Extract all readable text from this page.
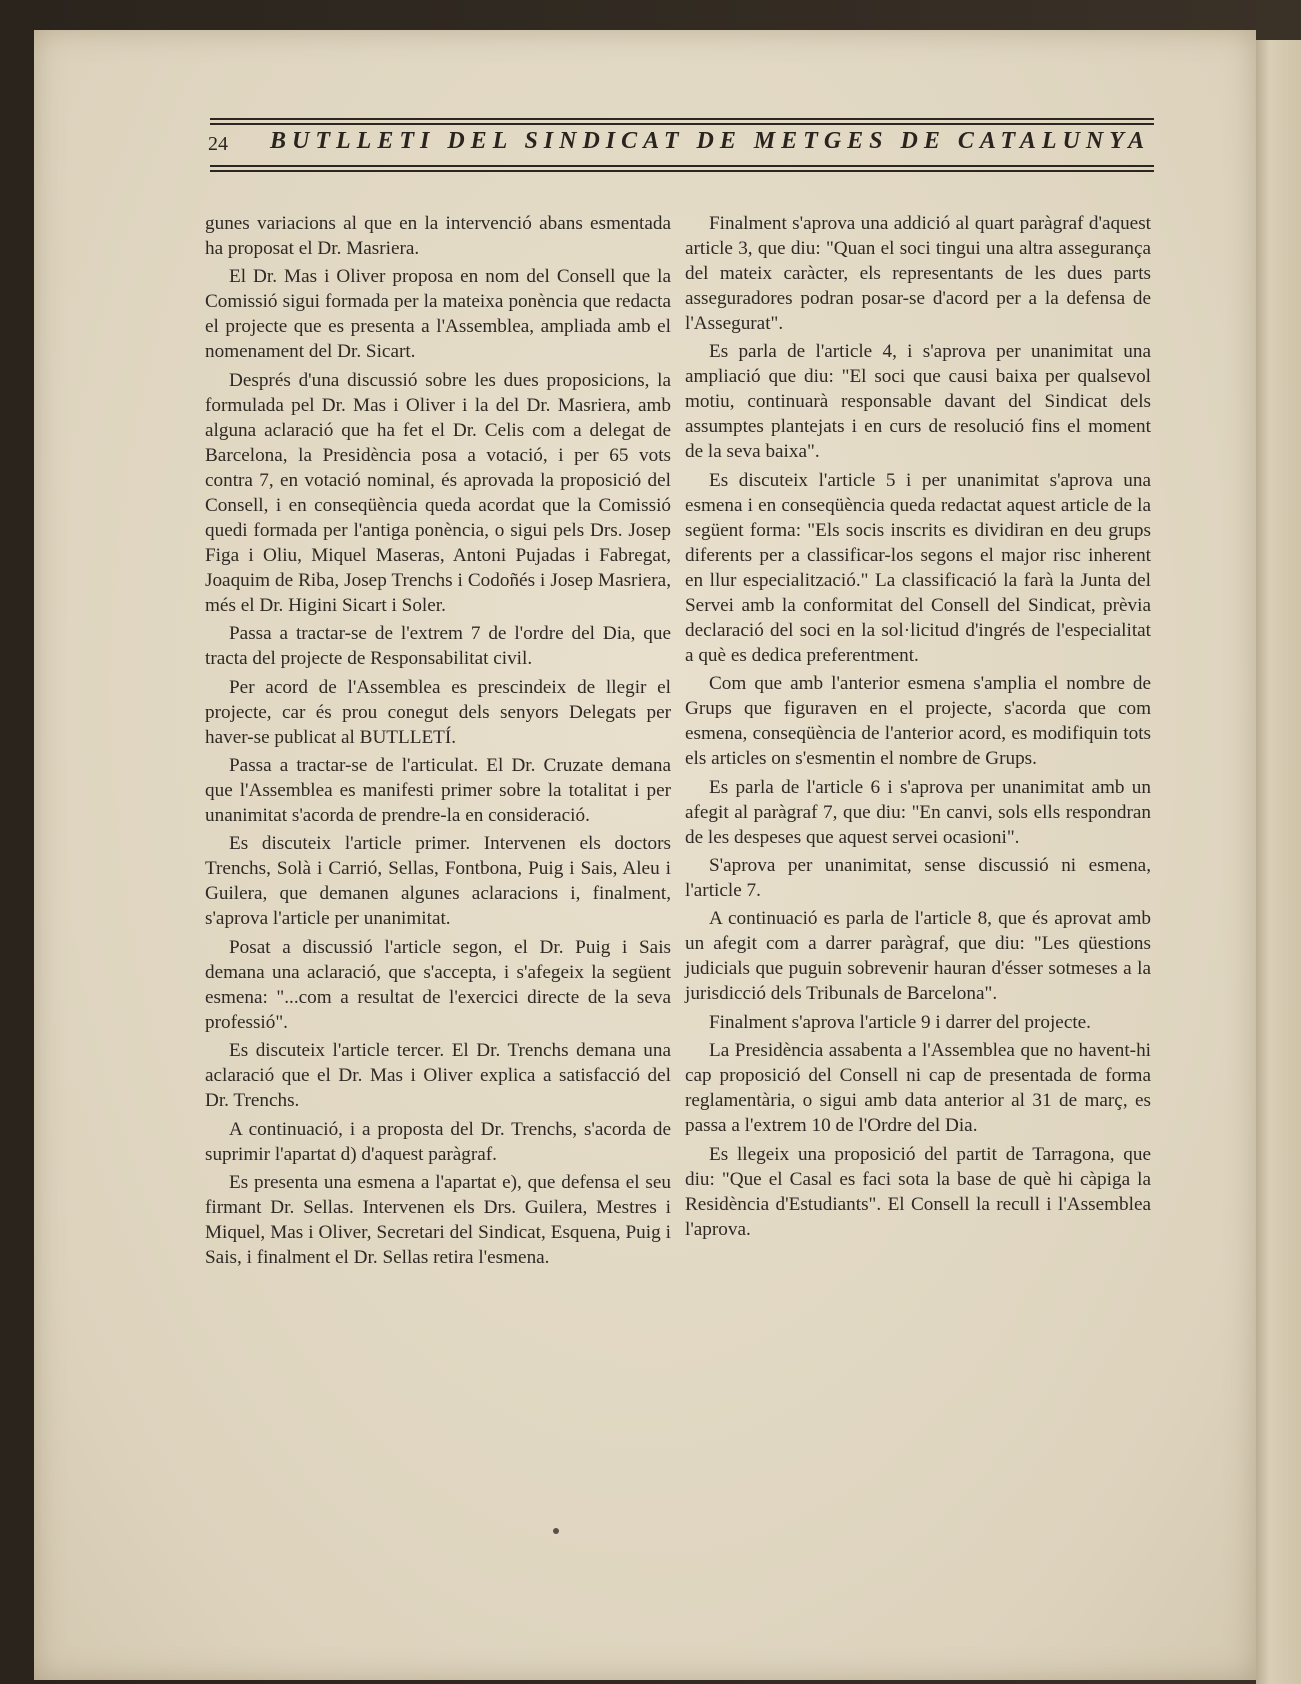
24 BUTLLETI DEL SINDICAT DE METGES DE CATALUNYA

gunes variacions al que en la intervenció abans esmentada ha proposat el Dr. Masriera.

El Dr. Mas i Oliver proposa en nom del Consell que la Comissió sigui formada per la mateixa ponència que redacta el projecte que es presenta a l'Assemblea, ampliada amb el nomenament del Dr. Sicart.

Després d'una discussió sobre les dues proposicions, la formulada pel Dr. Mas i Oliver i la del Dr. Masriera, amb alguna aclaració que ha fet el Dr. Celis com a delegat de Barcelona, la Presidència posa a votació, i per 65 vots contra 7, en votació nominal, és aprovada la proposició del Consell, i en conseqüència queda acordat que la Comissió quedi formada per l'antiga ponència, o sigui pels Drs. Josep Figa i Oliu, Miquel Maseras, Antoni Pujadas i Fabregat, Joaquim de Riba, Josep Trenchs i Codoñés i Josep Masriera, més el Dr. Higini Sicart i Soler.

Passa a tractar-se de l'extrem 7 de l'ordre del Dia, que tracta del projecte de Responsabilitat civil.

Per acord de l'Assemblea es prescindeix de llegir el projecte, car és prou conegut dels senyors Delegats per haver-se publicat al BUTLLETÍ.

Passa a tractar-se de l'articulat. El Dr. Cruzate demana que l'Assemblea es manifesti primer sobre la totalitat i per unanimitat s'acorda de prendre-la en consideració.

Es discuteix l'article primer. Intervenen els doctors Trenchs, Solà i Carrió, Sellas, Fontbona, Puig i Sais, Aleu i Guilera, que demanen algunes aclaracions i, finalment, s'aprova l'article per unanimitat.

Posat a discussió l'article segon, el Dr. Puig i Sais demana una aclaració, que s'accepta, i s'afegeix la següent esmena: "...com a resultat de l'exercici directe de la seva professió".

Es discuteix l'article tercer. El Dr. Trenchs demana una aclaració que el Dr. Mas i Oliver explica a satisfacció del Dr. Trenchs.

A continuació, i a proposta del Dr. Trenchs, s'acorda de suprimir l'apartat d) d'aquest paràgraf.

Es presenta una esmena a l'apartat e), que defensa el seu firmant Dr. Sellas. Intervenen els Drs. Guilera, Mestres i Miquel, Mas i Oliver, Secretari del Sindicat, Esquena, Puig i Sais, i finalment el Dr. Sellas retira l'esmena.

Finalment s'aprova una addició al quart paràgraf d'aquest article 3, que diu: "Quan el soci tingui una altra assegurança del mateix caràcter, els representants de les dues parts asseguradores podran posar-se d'acord per a la defensa de l'Assegurat".

Es parla de l'article 4, i s'aprova per unanimitat una ampliació que diu: "El soci que causi baixa per qualsevol motiu, continuarà responsable davant del Sindicat dels assumptes plantejats i en curs de resolució fins el moment de la seva baixa".

Es discuteix l'article 5 i per unanimitat s'aprova una esmena i en conseqüència queda redactat aquest article de la següent forma: "Els socis inscrits es dividiran en deu grups diferents per a classificar-los segons el major risc inherent en llur especialització." La classificació la farà la Junta del Servei amb la conformitat del Consell del Sindicat, prèvia declaració del soci en la sol·licitud d'ingrés de l'especialitat a què es dedica preferentment.

Com que amb l'anterior esmena s'amplia el nombre de Grups que figuraven en el projecte, s'acorda que com esmena, conseqüència de l'anterior acord, es modifiquin tots els articles on s'esmentin el nombre de Grups.

Es parla de l'article 6 i s'aprova per unanimitat amb un afegit al paràgraf 7, que diu: "En canvi, sols ells respondran de les despeses que aquest servei ocasioni".

S'aprova per unanimitat, sense discussió ni esmena, l'article 7.

A continuació es parla de l'article 8, que és aprovat amb un afegit com a darrer paràgraf, que diu: "Les qüestions judicials que puguin sobrevenir hauran d'ésser sotmeses a la jurisdicció dels Tribunals de Barcelona".

Finalment s'aprova l'article 9 i darrer del projecte.

La Presidència assabenta a l'Assemblea que no havent-hi cap proposició del Consell ni cap de presentada de forma reglamentària, o sigui amb data anterior al 31 de març, es passa a l'extrem 10 de l'Ordre del Dia.

Es llegeix una proposició del partit de Tarragona, que diu: "Que el Casal es faci sota la base de què hi càpiga la Residència d'Estudiants". El Consell la recull i l'Assemblea l'aprova.
